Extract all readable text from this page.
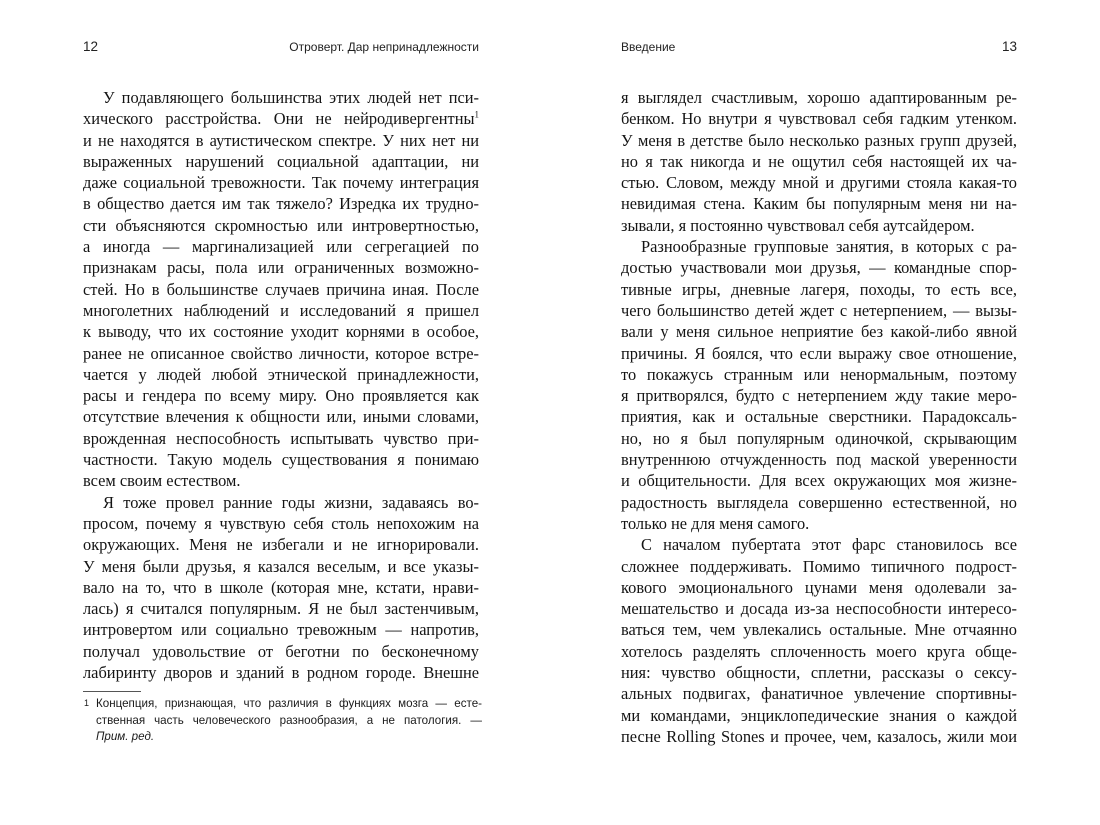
12	Отроверт. Дар непринадлежности
У подавляющего большинства этих людей нет пси-
хического расстройства. Они не нейродивергентны$^1$
и не находятся в аутистическом спектре. У них нет ни
выраженных нарушений социальной адаптации, ни
даже социальной тревожности. Так почему интеграция
в общество дается им так тяжело? Изредка их трудно-
сти объясняются скромностью или интровертностью,
а иногда — маргинализацией или сегрегацией по
признакам расы, пола или ограниченных возможно-
стей. Но в большинстве случаев причина иная. После
многолетних наблюдений и исследований я пришел
к выводу, что их состояние уходит корнями в особое,
ранее не описанное свойство личности, которое встре-
чается у людей любой этнической принадлежности,
расы и гендера по всему миру. Оно проявляется как
отсутствие влечения к общности или, иными словами,
врожденная неспособность испытывать чувство при-
частности. Такую модель существования я понимаю
всем своим естеством.
Я тоже провел ранние годы жизни, задаваясь во-
просом, почему я чувствую себя столь непохожим на
окружающих. Меня не избегали и не игнорировали.
У меня были друзья, я казался веселым, и все указы-
вало на то, что в школе (которая мне, кстати, нрави-
лась) я считался популярным. Я не был застенчивым,
интровертом или социально тревожным — напротив,
получал удовольствие от беготни по бесконечному
лабиринту дворов и зданий в родном городе. Внешне
1 Концепция, признающая, что различия в функциях мозга — есте-
ственная часть человеческого разнообразия, а не патология. —
Прим. ред.
Введение	13
я выглядел счастливым, хорошо адаптированным ре-
бенком. Но внутри я чувствовал себя гадким утенком.
У меня в детстве было несколько разных групп друзей,
но я так никогда и не ощутил себя настоящей их ча-
стью. Словом, между мной и другими стояла какая-то
невидимая стена. Каким бы популярным меня ни на-
зывали, я постоянно чувствовал себя аутсайдером.
Разнообразные групповые занятия, в которых с ра-
достью участвовали мои друзья, — командные спор-
тивные игры, дневные лагеря, походы, то есть все,
чего большинство детей ждет с нетерпением, — вызы-
вали у меня сильное неприятие без какой-либо явной
причины. Я боялся, что если выражу свое отношение,
то покажусь странным или ненормальным, поэтому
я притворялся, будто с нетерпением жду такие меро-
приятия, как и остальные сверстники. Парадоксаль-
но, но я был популярным одиночкой, скрывающим
внутреннюю отчужденность под маской уверенности
и общительности. Для всех окружающих моя жизне-
радостность выглядела совершенно естественной, но
только не для меня самого.
С началом пубертата этот фарс становилось все
сложнее поддерживать. Помимо типичного подрост-
кового эмоционального цунами меня одолевали за-
мешательство и досада из-за неспособности интересо-
ваться тем, чем увлекались остальные. Мне отчаянно
хотелось разделять сплоченность моего круга обще-
ния: чувство общности, сплетни, рассказы о сексу-
альных подвигах, фанатичное увлечение спортивны-
ми командами, энциклопедические знания о каждой
песне Rolling Stones и прочее, чем, казалось, жили мои
